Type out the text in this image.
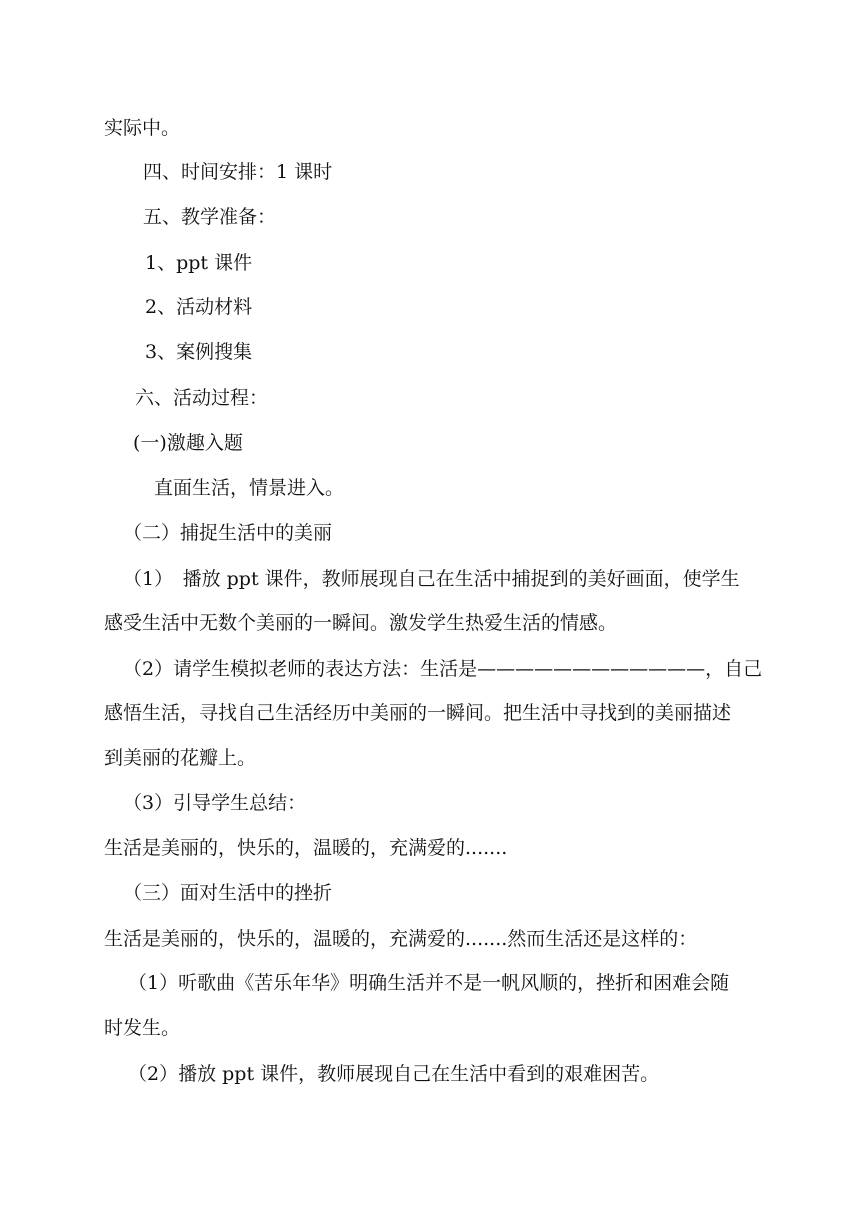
实际中。
四、时间安排：1 课时
五、教学准备：
1、ppt 课件
2、活动材料
3、案例搜集
六、活动过程：
(一)激趣入题
直面生活，情景进入。
（二）捕捉生活中的美丽
（1）　播放 ppt 课件，教师展现自己在生活中捕捉到的美好画面，使学生
感受生活中无数个美丽的一瞬间。激发学生热爱生活的情感。
（2）请学生模拟老师的表达方法：生活是————————————，自己
感悟生活，寻找自己生活经历中美丽的一瞬间。把生活中寻找到的美丽描述
到美丽的花瓣上。
（3）引导学生总结：
生活是美丽的，快乐的，温暖的，充满爱的.......
（三）面对生活中的挫折
生活是美丽的，快乐的，温暖的，充满爱的.......然而生活还是这样的：
（1）听歌曲《苦乐年华》明确生活并不是一帆风顺的，挫折和困难会随
时发生。
（2）播放 ppt 课件，教师展现自己在生活中看到的艰难困苦。
